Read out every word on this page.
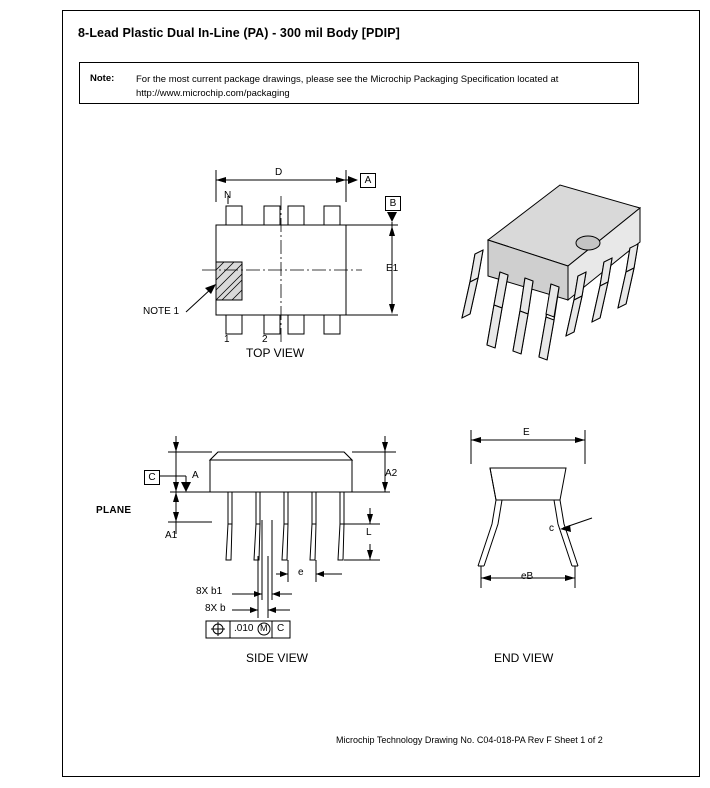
8-Lead Plastic Dual In-Line (PA) - 300 mil Body [PDIP]
Note: For the most current package drawings, please see the Microchip Packaging Specification located at http://www.microchip.com/packaging
A
B
D
E1
N
1	2
NOTE 1
TOP VIEW
C
PLANE
A
A1
A2
L
e
8X b1
8X b
.010 M C
SIDE VIEW
E
eB
c
END VIEW
Microchip Technology Drawing No. C04-018-PA Rev F Sheet 1 of 2
